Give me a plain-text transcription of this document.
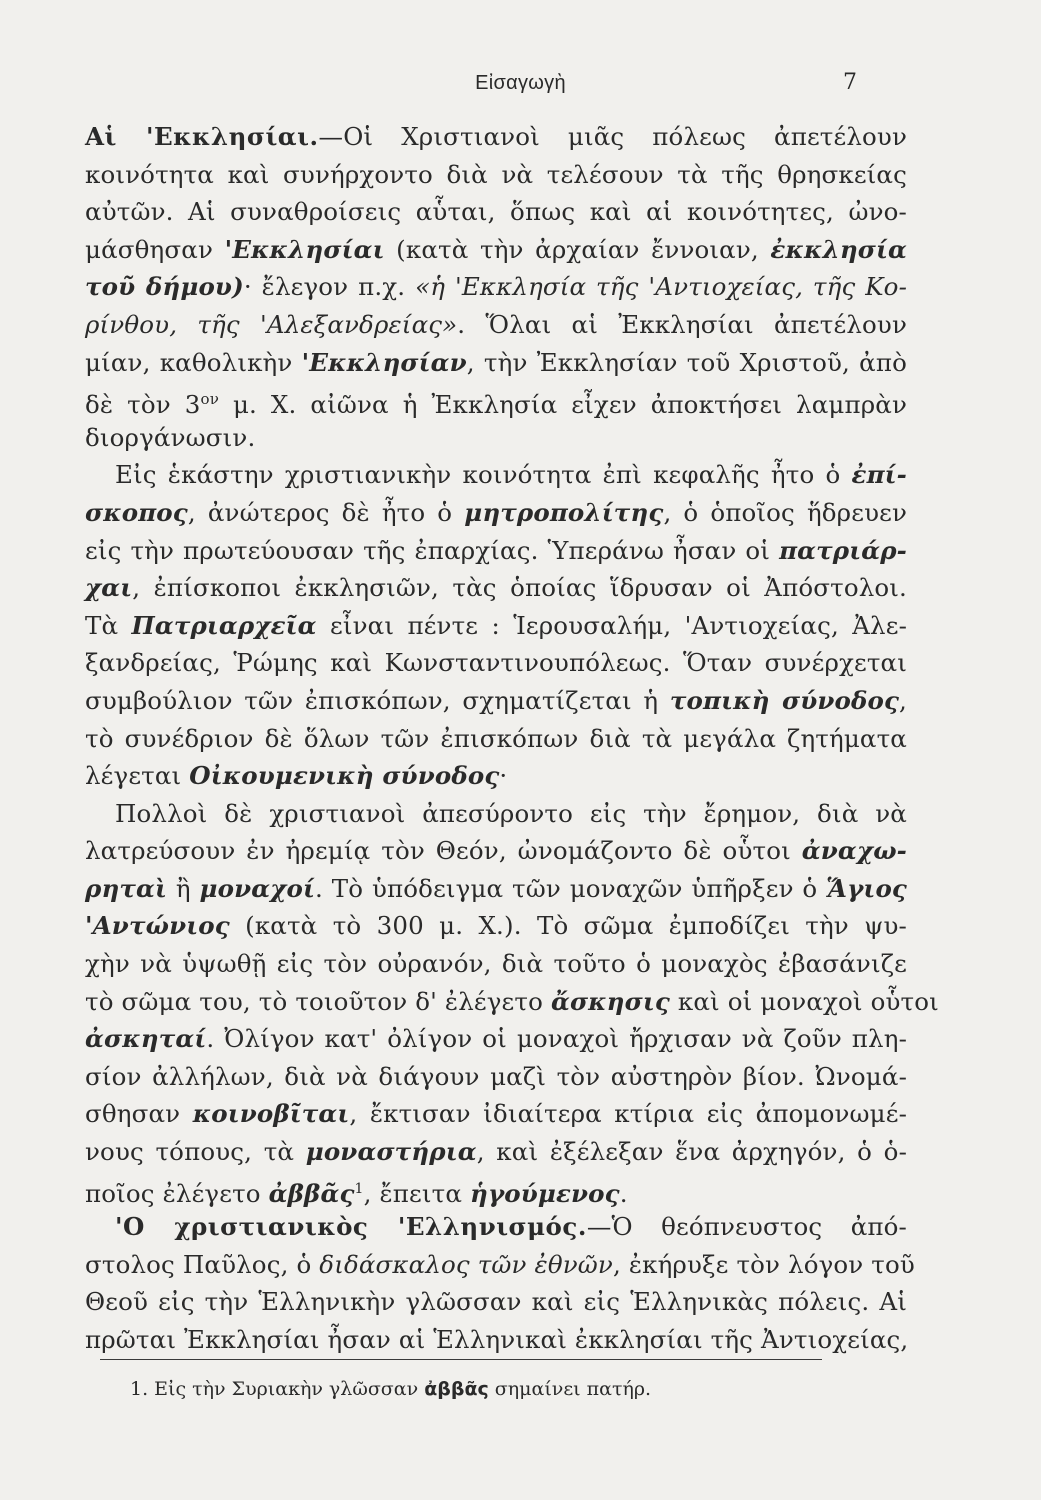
Εἰσαγωγὴ	7
Αἱ 'Εκκλησίαι.—Οἱ Χριστιανοὶ μιᾶς πόλεως ἀπετέλουν
κοινότητα καὶ συνήρχοντο διὰ νὰ τελέσουν τὰ τῆς θρησκείας
αὐτῶν. Αἱ συναθροίσεις αὗται, ὅπως καὶ αἱ κοινότητες, ὠνο-
μάσθησαν 'Εκκλησίαι (κατὰ τὴν ἀρχαίαν ἔννοιαν, ἐκκλησία
τοῦ δήμου)· ἔλεγον π.χ. «ἡ 'Εκκλησία τῆς 'Αντιοχείας, τῆς Κο-
ρίνθου, τῆς 'Αλεξανδρείας». Ὅλαι αἱ Ἐκκλησίαι ἀπετέλουν
μίαν, καθολικὴν 'Εκκλησίαν, τὴν Ἐκκλησίαν τοῦ Χριστοῦ, ἀπὸ
δὲ τὸν $3^{o\nu}$ μ. Χ. αἰῶνα ἡ Ἐκκλησία εἶχεν ἀποκτήσει λαμπρὰν
διοργάνωσιν.
Εἰς ἑκάστην χριστιανικὴν κοινότητα ἐπὶ κεφαλῆς ἦτο ὁ ἐπί-
σκοπος, ἀνώτερος δὲ ἦτο ὁ μητροπολίτης, ὁ ὁποῖος ἥδρευεν
εἰς τὴν πρωτεύουσαν τῆς ἐπαρχίας. Ὑπεράνω ἦσαν οἱ πατριάρ-
χαι, ἐπίσκοποι ἐκκλησιῶν, τὰς ὁποίας ἵδρυσαν οἱ Ἀπόστολοι.
Τὰ Πατριαρχεῖα εἶναι πέντε : Ἱερουσαλήμ, 'Αντιοχείας, Ἀλε-
ξανδρείας, Ῥώμης καὶ Κωνσταντινουπόλεως. Ὅταν συνέρχεται
συμβούλιον τῶν ἐπισκόπων, σχηματίζεται ἡ τοπικὴ σύνοδος,
τὸ συνέδριον δὲ ὅλων τῶν ἐπισκόπων διὰ τὰ μεγάλα ζητήματα
λέγεται Οἰκουμενικὴ σύνοδος·
Πολλοὶ δὲ χριστιανοὶ ἀπεσύροντο εἰς τὴν ἔρημον, διὰ νὰ
λατρεύσουν ἐν ἠρεμίᾳ τὸν Θεόν, ὠνομάζοντο δὲ οὗτοι ἀναχω-
ρηταὶ ἢ μοναχοί. Τὸ ὑπόδειγμα τῶν μοναχῶν ὑπῆρξεν ὁ Ἅγιος
'Αντώνιος (κατὰ τὸ 300 μ. Χ.). Τὸ σῶμα ἐμποδίζει τὴν ψυ-
χὴν νὰ ὑψωθῇ εἰς τὸν οὐρανόν, διὰ τοῦτο ὁ μοναχὸς ἐβασάνιζε
τὸ σῶμα του, τὸ τοιοῦτον δ' ἐλέγετο ἄσκησις καὶ οἱ μοναχοὶ οὗτοι
ἀσκηταί. Ὀλίγον κατ' ὀλίγον οἱ μοναχοὶ ἤρχισαν νὰ ζοῦν πλη-
σίον ἀλλήλων, διὰ νὰ διάγουν μαζὶ τὸν αὐστηρὸν βίον. Ὠνομά-
σθησαν κοινοβῖται, ἔκτισαν ἰδιαίτερα κτίρια εἰς ἀπομονωμέ-
νους τόπους, τὰ μοναστήρια, καὶ ἐξέλεξαν ἕνα ἀρχηγόν, ὁ ὁ-
ποῖος ἐλέγετο ἀββᾶς$^1$, ἔπειτα ἡγούμενος.
'Ο χριστιανικὸς 'Ελληνισμός.—Ὁ θεόπνευστος ἀπό-
στολος Παῦλος, ὁ διδάσκαλος τῶν ἐθνῶν, ἐκήρυξε τὸν λόγον τοῦ
Θεοῦ εἰς τὴν Ἑλληνικὴν γλῶσσαν καὶ εἰς Ἑλληνικὰς πόλεις. Αἱ
πρῶται Ἐκκλησίαι ἦσαν αἱ Ἑλληνικαὶ ἐκκλησίαι τῆς Ἀντιοχείας,
1. Εἰς τὴν Συριακὴν γλῶσσαν ἀββᾶς σημαίνει πατήρ.
